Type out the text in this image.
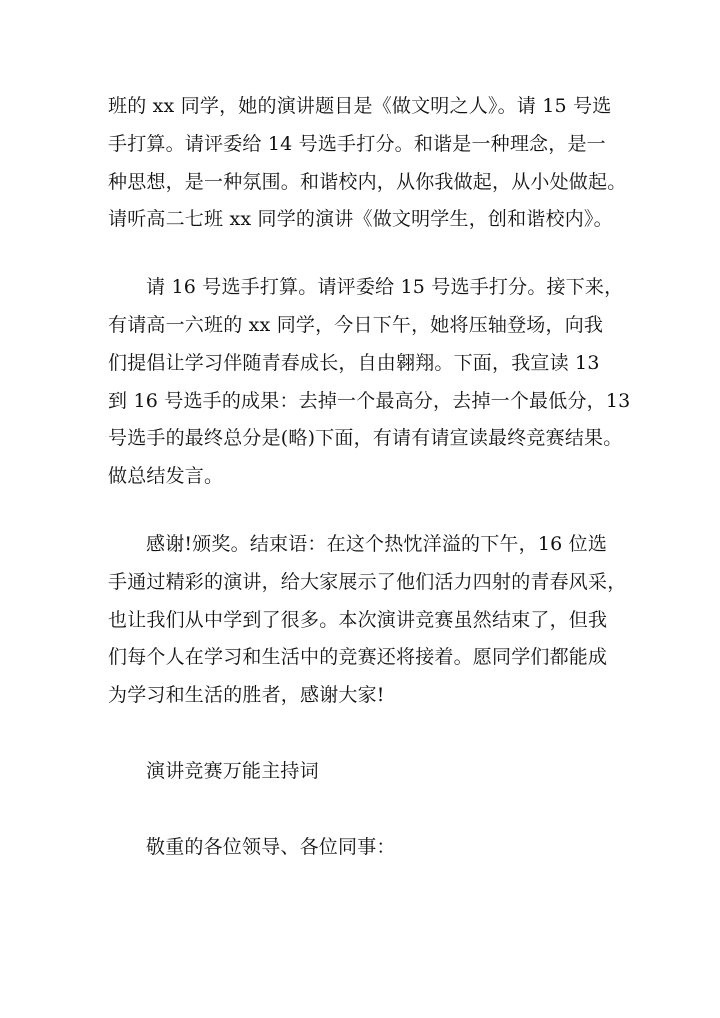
班的 xx 同学，她的演讲题目是《做文明之人》。请 15 号选
手打算。请评委给 14 号选手打分。和谐是一种理念，是一
种思想，是一种氛围。和谐校内，从你我做起，从小处做起。
请听高二七班 xx 同学的演讲《做文明学生，创和谐校内》。

请 16 号选手打算。请评委给 15 号选手打分。接下来，
有请高一六班的 xx 同学，今日下午，她将压轴登场，向我
们提倡让学习伴随青春成长，自由翱翔。下面，我宣读 13
到 16 号选手的成果：去掉一个最高分，去掉一个最低分，13
号选手的最终总分是(略)下面，有请有请宣读最终竞赛结果。
做总结发言。

感谢!颁奖。结束语：在这个热忱洋溢的下午，16 位选
手通过精彩的演讲，给大家展示了他们活力四射的青春风采，
也让我们从中学到了很多。本次演讲竞赛虽然结束了，但我
们每个人在学习和生活中的竞赛还将接着。愿同学们都能成
为学习和生活的胜者，感谢大家!

演讲竞赛万能主持词

敬重的各位领导、各位同事：
